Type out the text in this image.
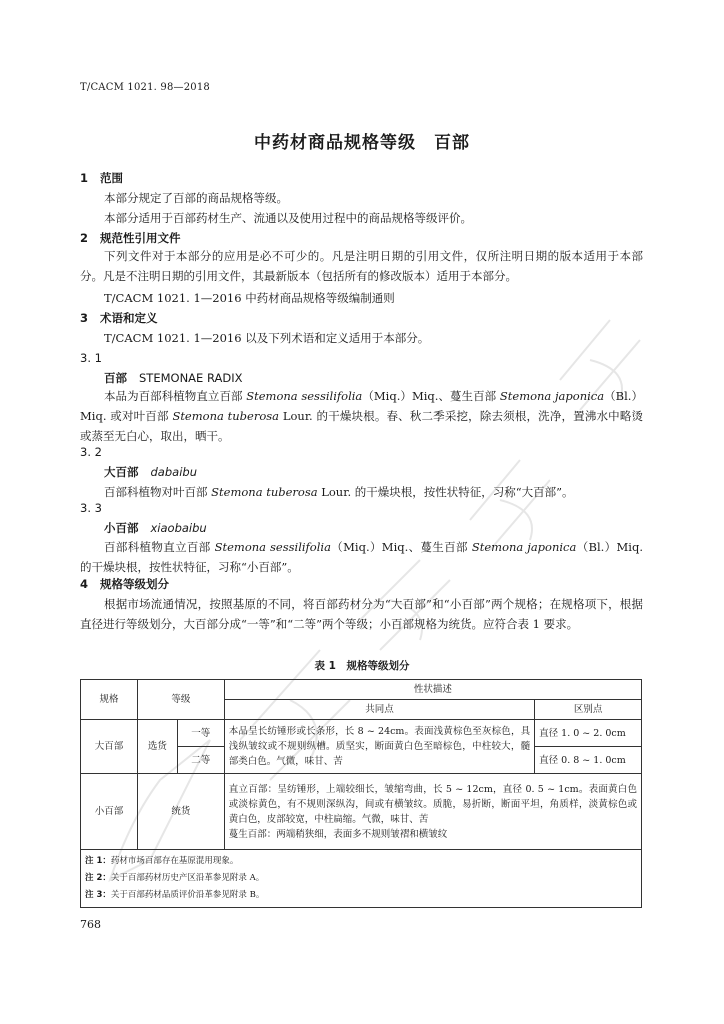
T/CACM 1021. 98—2018
中药材商品规格等级　百部
1 范围
本部分规定了百部的商品规格等级。
本部分适用于百部药材生产、流通以及使用过程中的商品规格等级评价。
2 规范性引用文件
下列文件对于本部分的应用是必不可少的。凡是注明日期的引用文件，仅所注明日期的版本适用于本部分。凡是不注明日期的引用文件，其最新版本（包括所有的修改版本）适用于本部分。
T/CACM 1021. 1—2016 中药材商品规格等级编制通则
3 术语和定义
T/CACM 1021. 1—2016 以及下列术语和定义适用于本部分。
3. 1
百部 STEMONAE RADIX
本品为百部科植物直立百部 Stemona sessilifolia（Miq.）Miq.、蔓生百部 Stemona japonica（Bl.）Miq. 或对叶百部 Stemona tuberosa Lour. 的干燥块根。春、秋二季采挖，除去须根，洗净，置沸水中略烫或蒸至无白心，取出，晒干。
3. 2
大百部 dabaibu
百部科植物对叶百部 Stemona tuberosa Lour. 的干燥块根，按性状特征，习称“大百部”。
3. 3
小百部 xiaobaibu
百部科植物直立百部 Stemona sessilifolia（Miq.）Miq.、蔓生百部 Stemona japonica（Bl.）Miq. 的干燥块根，按性状特征，习称“小百部”。
4 规格等级划分
根据市场流通情况，按照基原的不同，将百部药材分为“大百部”和“小百部”两个规格；在规格项下，根据直径进行等级划分，大百部分成“一等”和“二等”两个等级；小百部规格为统货。应符合表 1 要求。
表 1　规格等级划分
规格	等级		性状描述	
			共同点	区别点
大百部	选货	一等	本品呈长纺锤形或长条形，长 8 ~ 24cm。表面浅黄棕色至灰棕色，具浅纵皱纹或不规则纵槽。质坚实，断面黄白色至暗棕色，中柱较大，髓部类白色。气微，味甘、苦	直径 1. 0 ~ 2. 0cm
		二等		直径 0. 8 ~ 1. 0cm
小百部	统货		直立百部：呈纺锤形，上端较细长，皱缩弯曲，长 5 ~ 12cm，直径 0. 5 ~ 1cm。表面黄白色或淡棕黄色，有不规则深纵沟，间或有横皱纹。质脆，易折断，断面平坦，角质样，淡黄棕色或黄白色，皮部较宽，中柱扁缩。气微，味甘、苦
蔓生百部：两端稍狭细，表面多不规则皱褶和横皱纹	

注 1：药材市场百部存在基原混用现象。
注 2：关于百部药材历史产区沿革参见附录 A。
注 3：关于百部药材品质评价沿革参见附录 B。				
768
